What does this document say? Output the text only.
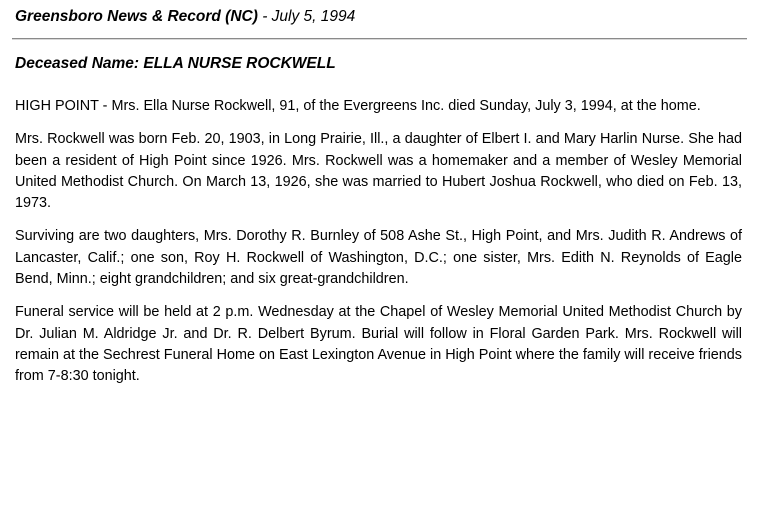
Greensboro News & Record (NC) - July 5, 1994
Deceased Name: ELLA NURSE ROCKWELL

HIGH POINT - Mrs. Ella Nurse Rockwell, 91, of the Evergreens Inc. died Sunday, July 3, 1994, at the home.

Mrs. Rockwell was born Feb. 20, 1903, in Long Prairie, Ill., a daughter of Elbert I. and Mary Harlin Nurse. She had been a resident of High Point since 1926. Mrs. Rockwell was a homemaker and a member of Wesley Memorial United Methodist Church. On March 13, 1926, she was married to Hubert Joshua Rockwell, who died on Feb. 13, 1973.

Surviving are two daughters, Mrs. Dorothy R. Burnley of 508 Ashe St., High Point, and Mrs. Judith R. Andrews of Lancaster, Calif.; one son, Roy H. Rockwell of Washington, D.C.; one sister, Mrs. Edith N. Reynolds of Eagle Bend, Minn.; eight grandchildren; and six great-grandchildren.

Funeral service will be held at 2 p.m. Wednesday at the Chapel of Wesley Memorial United Methodist Church by Dr. Julian M. Aldridge Jr. and Dr. R. Delbert Byrum. Burial will follow in Floral Garden Park. Mrs. Rockwell will remain at the Sechrest Funeral Home on East Lexington Avenue in High Point where the family will receive friends from 7-8:30 tonight.
